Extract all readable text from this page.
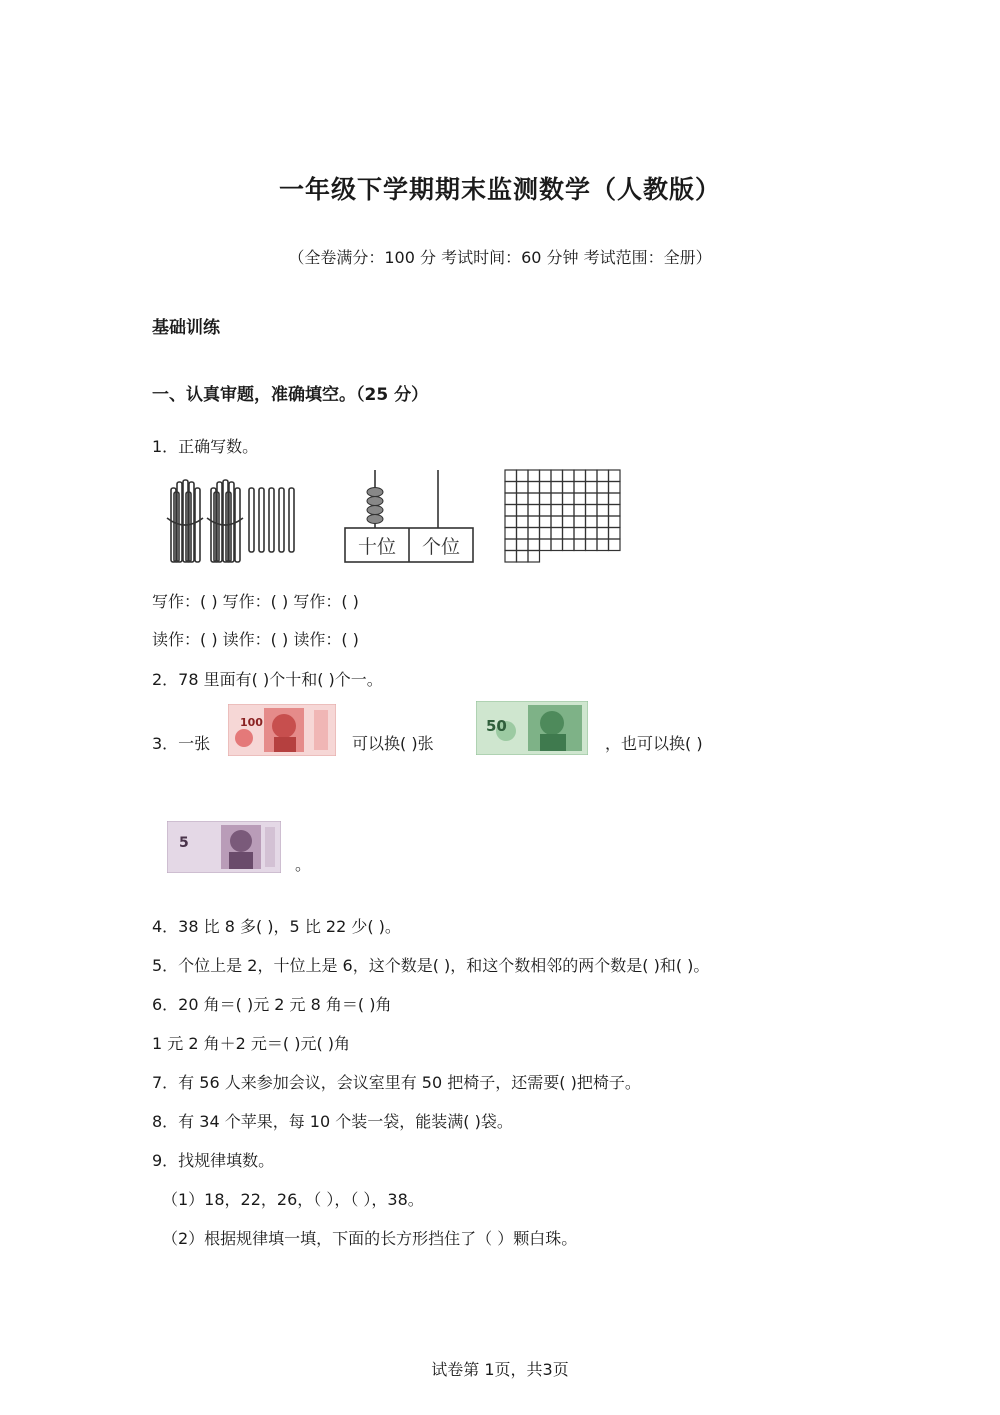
一年级下学期期末监测数学（人教版）
（全卷满分：100 分 考试时间：60 分钟 考试范围：全册）
基础训练
一、认真审题，准确填空。（25 分）
1．正确写数。
十位 个位
写作：( ) 写作：( ) 写作：( )
读作：( ) 读作：( ) 读作：( )
2．78 里面有( )个十和( )个一。
3．一张
100
可以换( )张
50
，也可以换( )
5
。
4．38 比 8 多( )，5 比 22 少( )。
5．个位上是 2，十位上是 6，这个数是( )，和这个数相邻的两个数是( )和( )。
6．20 角＝( )元 2 元 8 角＝( )角
1 元 2 角＋2 元＝( )元( )角
7．有 56 人来参加会议，会议室里有 50 把椅子，还需要( )把椅子。
8．有 34 个苹果，每 10 个装一袋，能装满( )袋。
9．找规律填数。
（1）18，22，26，（ ），（ ），38。
（2）根据规律填一填，下面的长方形挡住了（ ）颗白珠。
试卷第 1页，共3页
